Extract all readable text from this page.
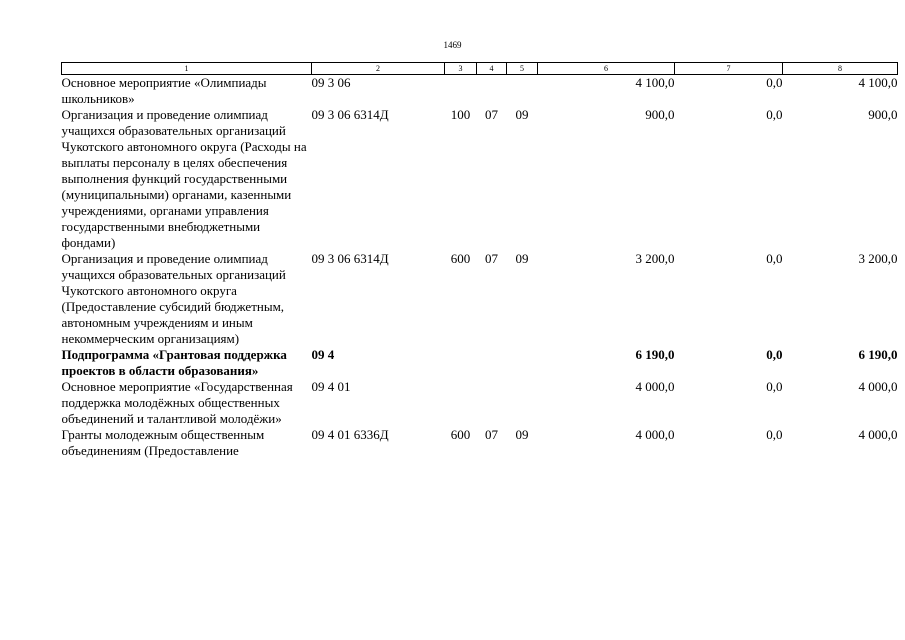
1469
1	2	3	4	5	6	7	8
Основное мероприятие «Олимпиады школьников»	09 3 06				4 100,0	0,0	4 100,0
Организация и проведение олимпиад учащихся образовательных организаций Чукотского автономного округа (Расходы на выплаты персоналу в целях обеспечения выполнения функций государственными (муниципальными) органами, казенными учреждениями, органами управления государственными внебюджетными фондами)	09 3 06 6314Д	100	07	09	900,0	0,0	900,0
Организация и проведение олимпиад учащихся образовательных организаций Чукотского автономного округа (Предоставление субсидий бюджетным, автономным учреждениям и иным некоммерческим организациям)	09 3 06 6314Д	600	07	09	3 200,0	0,0	3 200,0
Подпрограмма «Грантовая поддержка проектов в области образования»	09 4				6 190,0	0,0	6 190,0
Основное мероприятие «Государственная поддержка молодёжных общественных объединений и талантливой молодёжи»	09 4 01				4 000,0	0,0	4 000,0
Гранты молодежным общественным объединениям (Предоставление	09 4 01 6336Д	600	07	09	4 000,0	0,0	4 000,0
